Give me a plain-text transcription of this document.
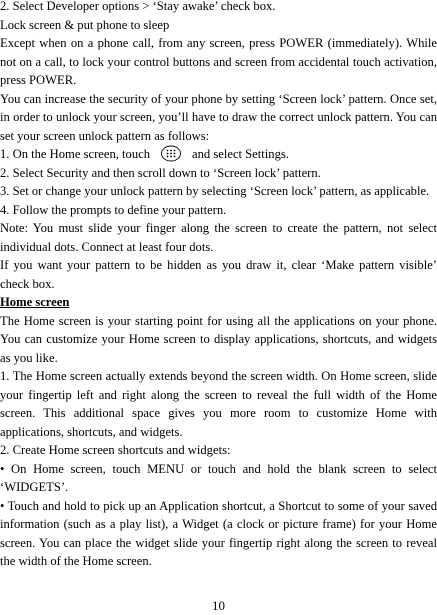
2. Select Developer options > ‘Stay awake’ check box.

Lock screen & put phone to sleep

Except when on a phone call, from any screen, press POWER (immediately). While not on a call, to lock your control buttons and screen from accidental touch activation, press POWER.

You can increase the security of your phone by setting ‘Screen lock’ pattern. Once set, in order to unlock your screen, you’ll have to draw the correct unlock pattern. You can set your screen unlock pattern as follows:

1. On the Home screen, touch	and select Settings.

2. Select Security and then scroll down to ‘Screen lock’ pattern.

3. Set or change your unlock pattern by selecting ‘Screen lock’ pattern, as applicable.

4. Follow the prompts to define your pattern.

Note: You must slide your finger along the screen to create the pattern, not select individual dots. Connect at least four dots.

If you want your pattern to be hidden as you draw it, clear ‘Make pattern visible’ check box.

Home screen

The Home screen is your starting point for using all the applications on your phone. You can customize your Home screen to display applications, shortcuts, and widgets as you like.

1. The Home screen actually extends beyond the screen width. On Home screen, slide your fingertip left and right along the screen to reveal the full width of the Home screen. This additional space gives you more room to customize Home with applications, shortcuts, and widgets.

2. Create Home screen shortcuts and widgets:

• On Home screen, touch MENU or touch and hold the blank screen to select ‘WIDGETS’.

• Touch and hold to pick up an Application shortcut, a Shortcut to some of your saved information (such as a play list), a Widget (a clock or picture frame) for your Home screen. You can place the widget slide your fingertip right along the screen to reveal the width of the Home screen.

10
